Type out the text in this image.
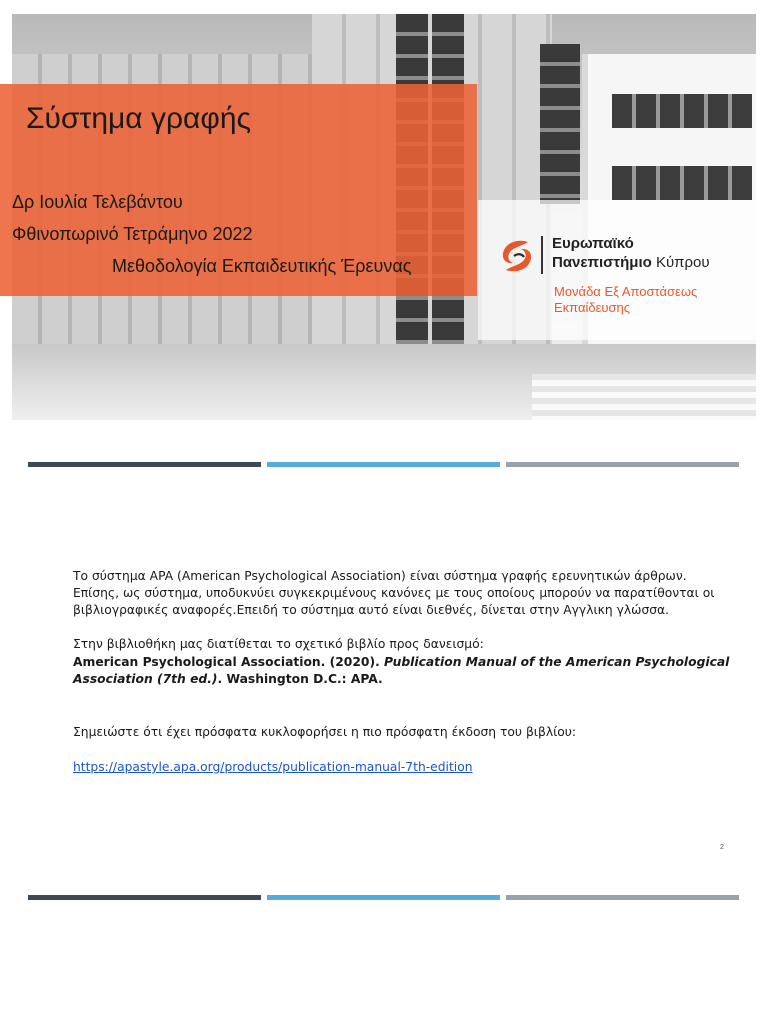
Σύστημα γραφής
Δρ Ιουλία Τελεβάντου
Φθινοπωρινό Τετράμηνο 2022
Μεθοδολογία Εκπαιδευτικής Έρευνας
Ευρωπαϊκό
Πανεπιστήμιο Κύπρου
Μονάδα Εξ Αποστάσεως
Εκπαίδευσης
Το σύστημα APA (American Psychological Association) είναι σύστημα γραφής ερευνητικών άρθρων.
Επίσης, ως σύστημα, υποδυκνύει συγκεκριμένους κανόνες με τους οποίους μπορούν να παρατίθονται οι
βιβλιογραφικές αναφορές.Επειδή το σύστημα αυτό είναι διεθνές, δίνεται στην Αγγλικη γλώσσα.
Στην βιβλιοθήκη μας διατίθεται το σχετικό βιβλίο προς δανεισμό:
American Psychological Association. (2020). Publication Manual of the American Psychological
Association (7th ed.). Washington D.C.: APA.
Σημειώστε ότι έχει πρόσφατα κυκλοφορήσει η πιο πρόσφατη έκδοση του βιβλίου:
https://apastyle.apa.org/products/publication-manual-7th-edition
2
